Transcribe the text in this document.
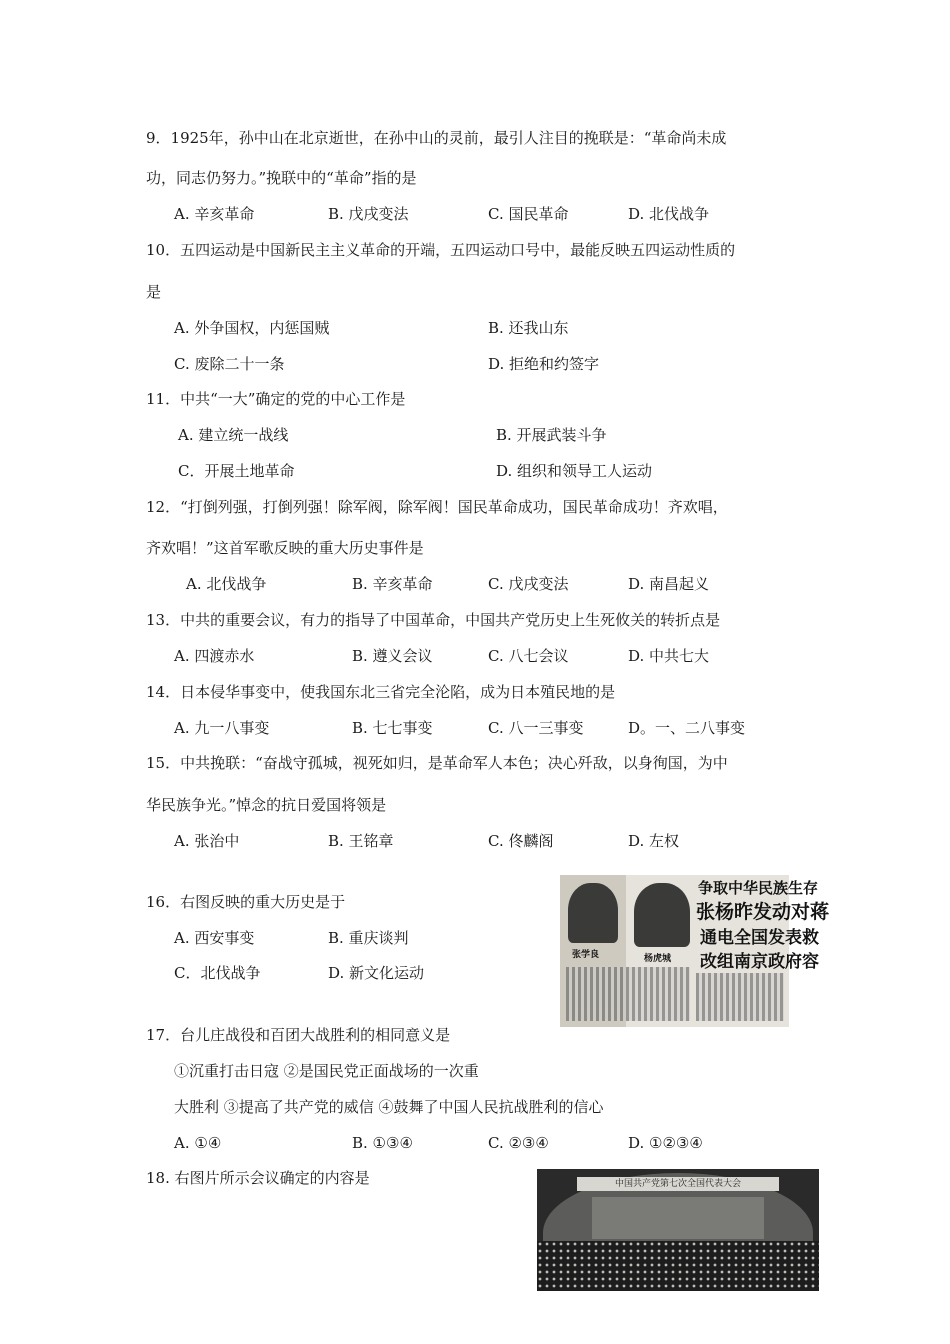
9．1925年，孙中山在北京逝世，在孙中山的灵前，最引人注目的挽联是：“革命尚未成
功，同志仍努力。”挽联中的“革命”指的是
A. 辛亥革命	B. 戊戌变法	C. 国民革命	D. 北伐战争
10．五四运动是中国新民主主义革命的开端，五四运动口号中，最能反映五四运动性质的
是
A. 外争国权，内惩国贼	B. 还我山东
C. 废除二十一条	D. 拒绝和约签字
11．中共“一大”确定的党的中心工作是
A. 建立统一战线	B. 开展武装斗争
C．开展土地革命	D. 组织和领导工人运动
12．“打倒列强，打倒列强！除军阀，除军阀！国民革命成功，国民革命成功！齐欢唱，
齐欢唱！”这首军歌反映的重大历史事件是
A. 北伐战争	B. 辛亥革命	C. 戊戌变法	D. 南昌起义
13．中共的重要会议，有力的指导了中国革命，中国共产党历史上生死攸关的转折点是
A. 四渡赤水	B. 遵义会议	C. 八七会议	D. 中共七大
14．日本侵华事变中，使我国东北三省完全沦陷，成为日本殖民地的是
A. 九一八事变	B. 七七事变	C. 八一三事变	D。一、二八事变
15．中共挽联：“奋战守孤城，视死如归，是革命军人本色；决心歼敌，以身徇国，为中
华民族争光。”悼念的抗日爱国将领是
A. 张治中	B. 王铭章	C. 佟麟阁	D. 左权
16．右图反映的重大历史是于
A. 西安事变	B. 重庆谈判
C．北伐战争	D. 新文化运动
张学良	杨虎城
争取中华民族生存
张杨昨发动对蒋
通电全国发表救
改组南京政府容
17．台儿庄战役和百团大战胜利的相同意义是
①沉重打击日寇 ②是国民党正面战场的一次重
大胜利 ③提高了共产党的威信 ④鼓舞了中国人民抗战胜利的信心
A. ①④	B. ①③④	C. ②③④	D. ①②③④
18. 右图片所示会议确定的内容是	中国共产党第七次全国代表大会
